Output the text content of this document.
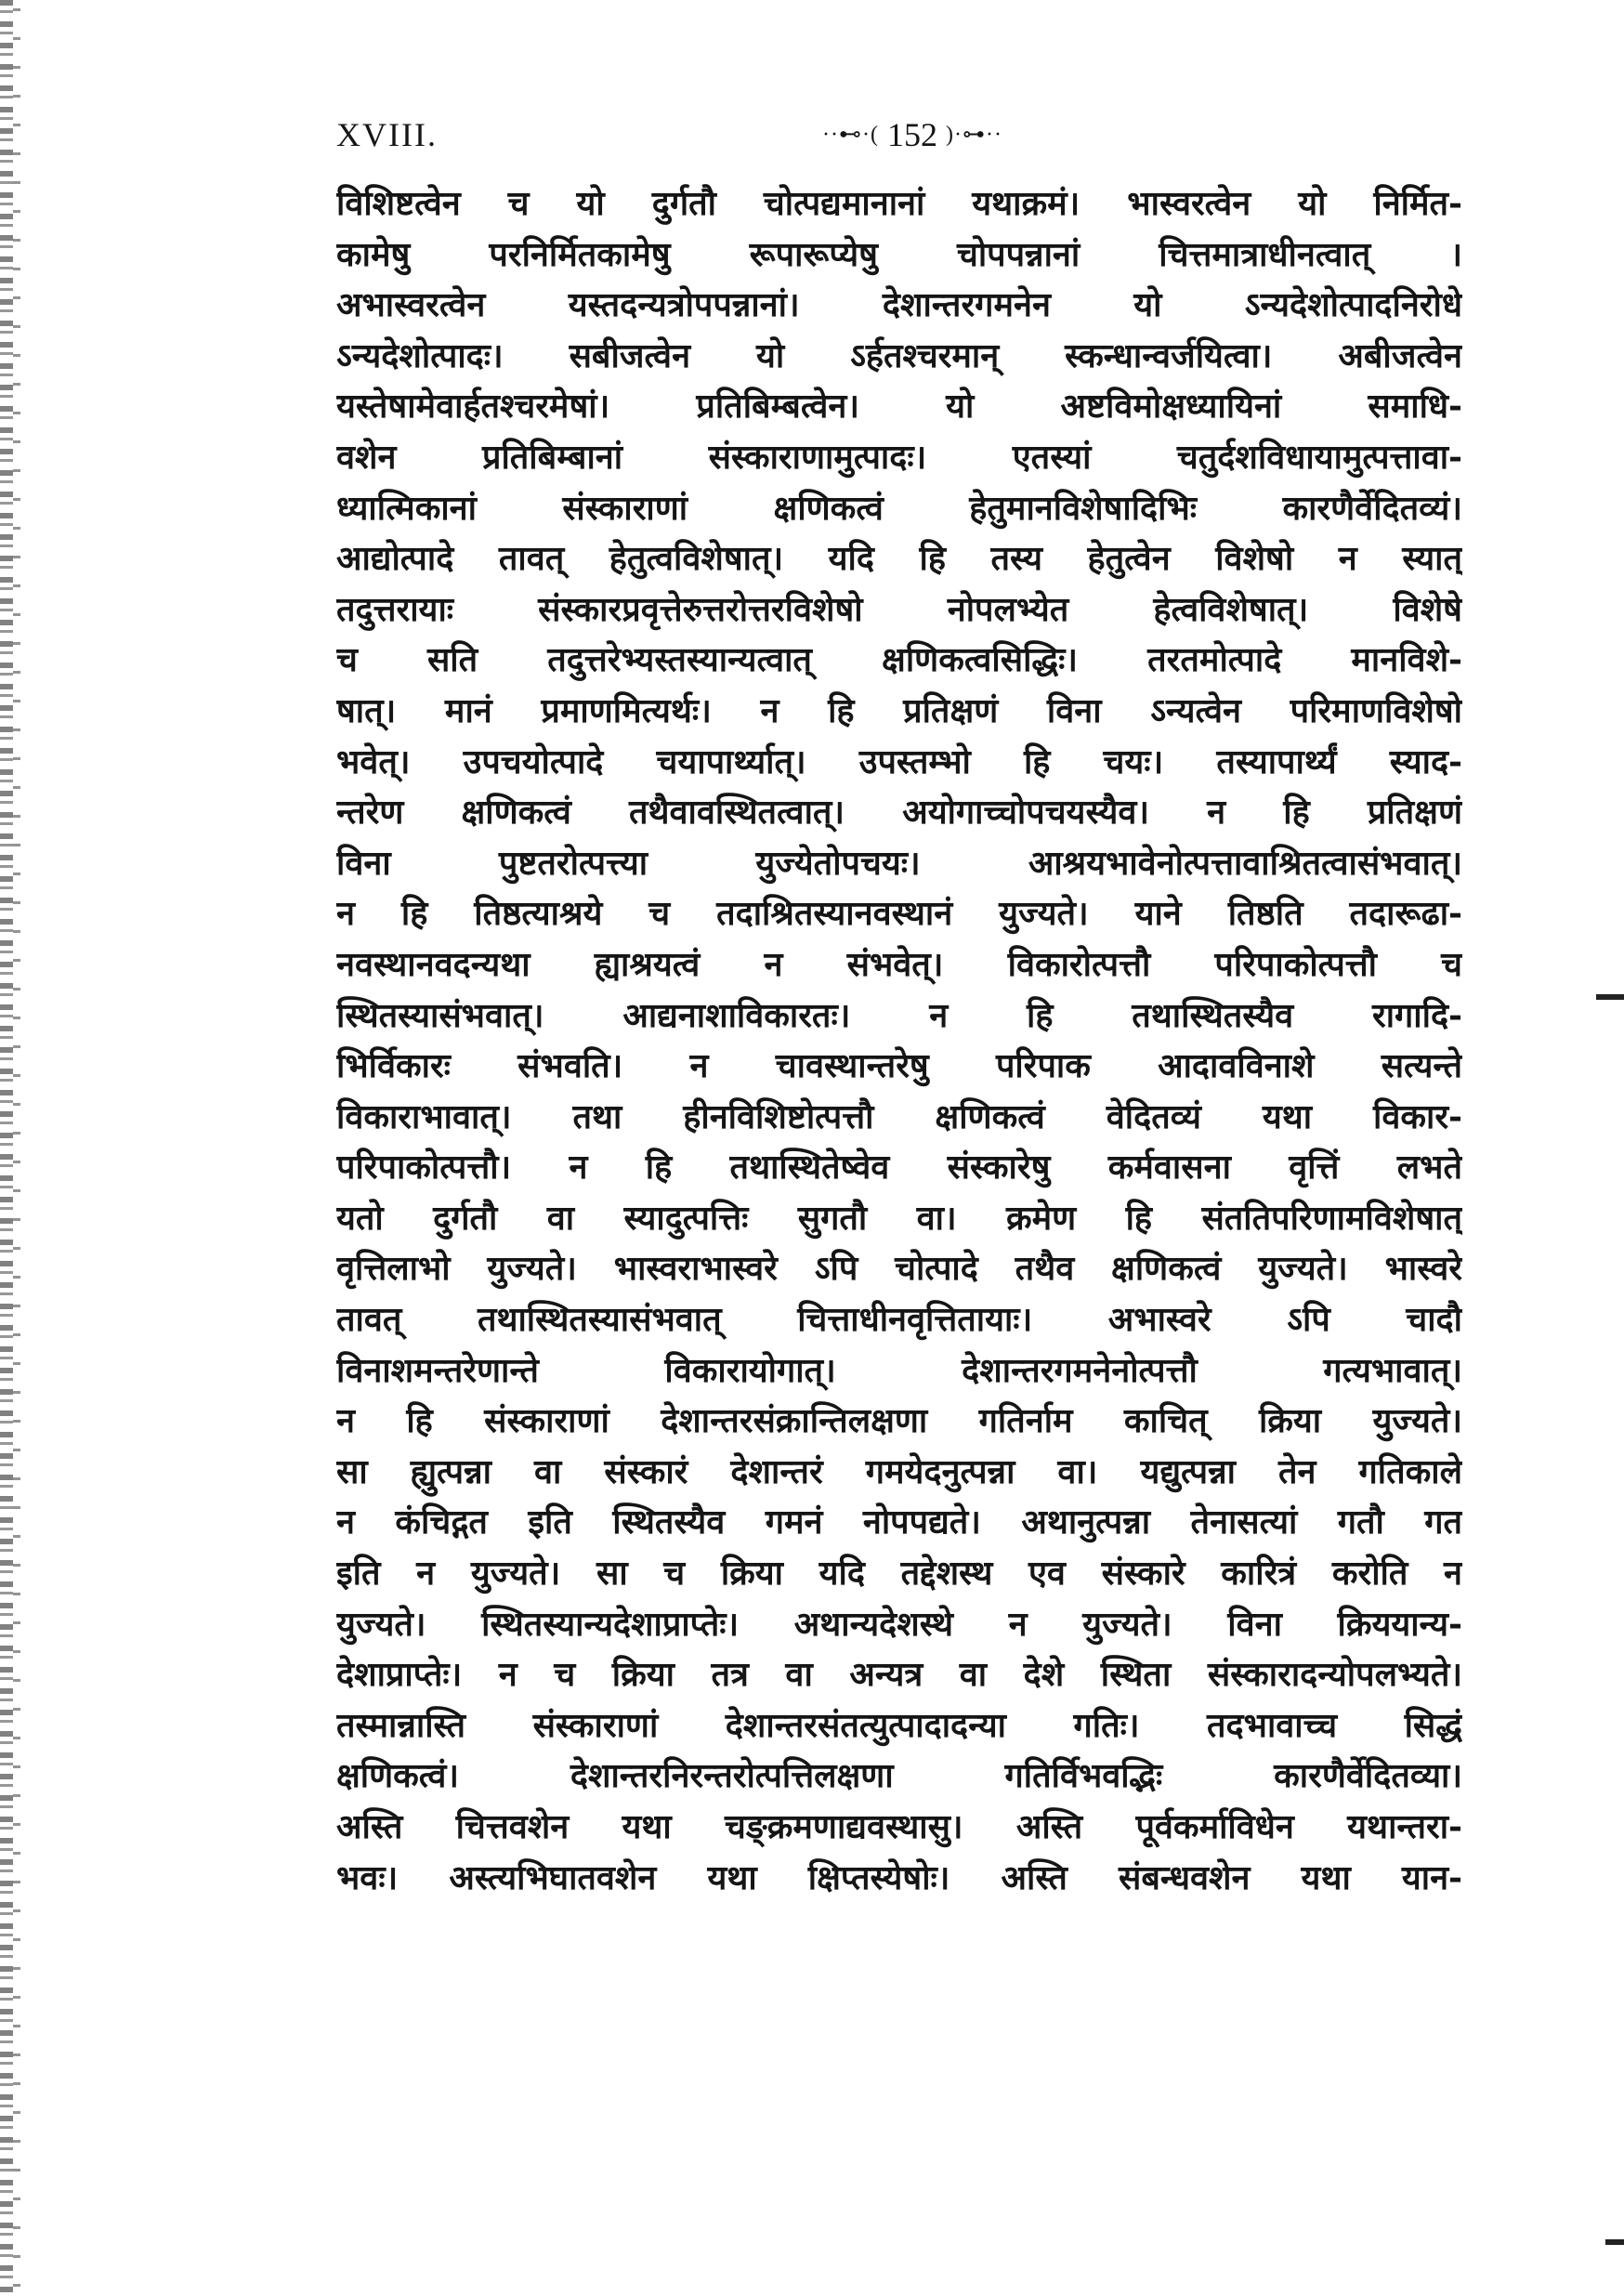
XVIII.	··⊷·( 152 )·⊶··
विशिष्टत्वेन च यो दुर्गतौ चोत्पद्यमानानां यथाक्रमं। भास्वरत्वेन यो निर्मित-
कामेषु परनिर्मितकामेषु रूपारूप्येषु चोपपन्नानां चित्तमात्राधीनत्वात् ।
अभास्वरत्वेन यस्तदन्यत्रोपपन्नानां। देशान्तरगमनेन यो ऽन्यदेशोत्पादनिरोधे
ऽन्यदेशोत्पादः। सबीजत्वेन यो ऽर्हतश्चरमान् स्कन्धान्वर्जयित्वा। अबीजत्वेन
यस्तेषामेवार्हतश्चरमेषां। प्रतिबिम्बत्वेन। यो अष्टविमोक्षध्यायिनां समाधि-
वशेन प्रतिबिम्बानां संस्काराणामुत्पादः। एतस्यां चतुर्दशविधायामुत्पत्तावा-
ध्यात्मिकानां संस्काराणां क्षणिकत्वं हेतुमानविशेषादिभिः कारणैर्वेदितव्यं।
आद्योत्पादे तावत् हेतुत्वविशेषात्। यदि हि तस्य हेतुत्वेन विशेषो न स्यात्
तदुत्तरायाः संस्कारप्रवृत्तेरुत्तरोत्तरविशेषो नोपलभ्येत हेत्वविशेषात्। विशेषे
च सति तदुत्तरेभ्यस्तस्यान्यत्वात् क्षणिकत्वसिद्धिः। तरतमोत्पादे मानविशे-
षात्। मानं प्रमाणमित्यर्थः। न हि प्रतिक्षणं विना ऽन्यत्वेन परिमाणविशेषो
भवेत्। उपचयोत्पादे चयापार्थ्यात्। उपस्तम्भो हि चयः। तस्यापार्थ्यं स्याद-
न्तरेण क्षणिकत्वं तथैवावस्थितत्वात्। अयोगाच्चोपचयस्यैव। न हि प्रतिक्षणं
विना पुष्टतरोत्पत्त्या युज्येतोपचयः। आश्रयभावेनोत्पत्तावाश्रितत्वासंभवात्।
न हि तिष्ठत्याश्रये च तदाश्रितस्यानवस्थानं युज्यते। याने तिष्ठति तदारूढा-
नवस्थानवदन्यथा ह्याश्रयत्वं न संभवेत्। विकारोत्पत्तौ परिपाकोत्पत्तौ च
स्थितस्यासंभवात्। आद्यनाशाविकारतः। न हि तथास्थितस्यैव रागादि-
भिर्विकारः संभवति। न चावस्थान्तरेषु परिपाक आदावविनाशे सत्यन्ते
विकाराभावात्। तथा हीनविशिष्टोत्पत्तौ क्षणिकत्वं वेदितव्यं यथा विकार-
परिपाकोत्पत्तौ। न हि तथास्थितेष्वेव संस्कारेषु कर्मवासना वृत्तिं लभते
यतो दुर्गतौ वा स्यादुत्पत्तिः सुगतौ वा। क्रमेण हि संततिपरिणामविशेषात्
वृत्तिलाभो युज्यते। भास्वराभास्वरे ऽपि चोत्पादे तथैव क्षणिकत्वं युज्यते। भास्वरे
तावत् तथास्थितस्यासंभवात् चित्ताधीनवृत्तितायाः। अभास्वरे ऽपि चादौ
विनाशमन्तरेणान्ते विकारायोगात्। देशान्तरगमनेनोत्पत्तौ गत्यभावात्।
न हि संस्काराणां देशान्तरसंक्रान्तिलक्षणा गतिर्नाम काचित् क्रिया युज्यते।
सा ह्युत्पन्ना वा संस्कारं देशान्तरं गमयेदनुत्पन्ना वा। यद्युत्पन्ना तेन गतिकाले
न कंचिद्गत इति स्थितस्यैव गमनं नोपपद्यते। अथानुत्पन्ना तेनासत्यां गतौ गत
इति न युज्यते। सा च क्रिया यदि तद्देशस्थ एव संस्कारे कारित्रं करोति न
युज्यते। स्थितस्यान्यदेशाप्राप्तेः। अथान्यदेशस्थे न युज्यते। विना क्रिययान्य-
देशाप्राप्तेः। न च क्रिया तत्र वा अन्यत्र वा देशे स्थिता संस्कारादन्योपलभ्यते।
तस्मान्नास्ति संस्काराणां देशान्तरसंतत्युत्पादादन्या गतिः। तदभावाच्च सिद्धं
क्षणिकत्वं। देशान्तरनिरन्तरोत्पत्तिलक्षणा गतिर्विभवद्भिः कारणैर्वेदितव्या।
अस्ति चित्तवशेन यथा चङ्क्रमणाद्यवस्थासु। अस्ति पूर्वकर्माविधेन यथान्तरा-
भवः। अस्त्यभिघातवशेन यथा क्षिप्तस्येषोः। अस्ति संबन्धवशेन यथा यान-
